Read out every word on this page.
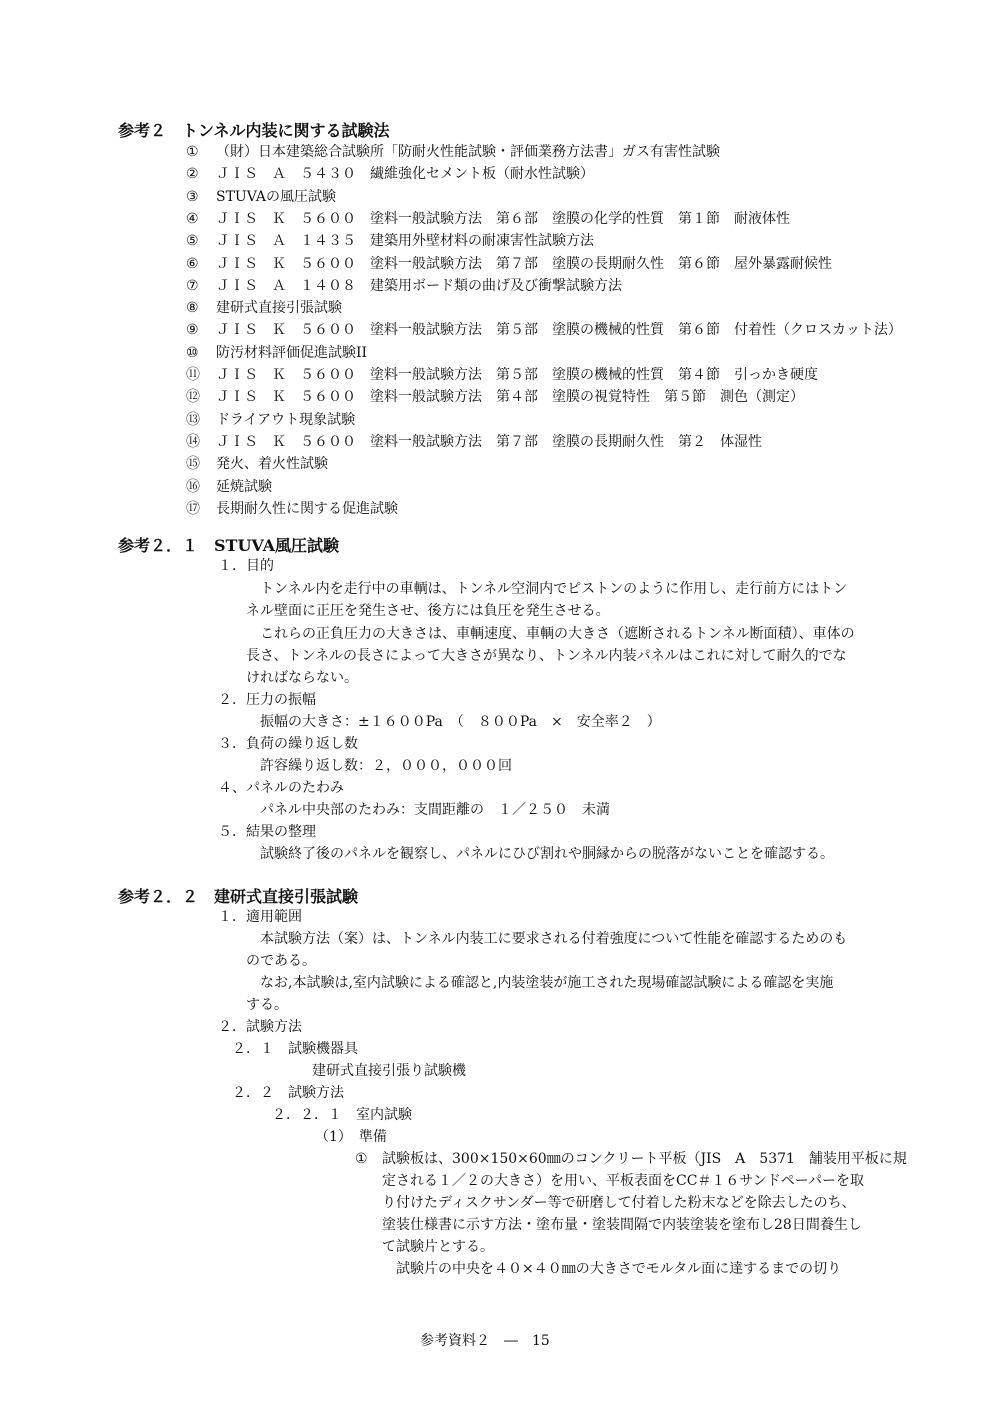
参考２　トンネル内装に関する試験法
① （財）日本建築総合試験所「防耐火性能試験・評価業務方法書」ガス有害性試験
② ＪＩＳ　Ａ　５４３０　繊維強化セメント板（耐水性試験）
③ STUVAの風圧試験
④ ＪＩＳ　Ｋ　５６００　塗料一般試験方法　第６部　塗膜の化学的性質　第１節　耐液体性
⑤ ＪＩＳ　Ａ　１４３５　建築用外壁材料の耐凍害性試験方法
⑥ ＪＩＳ　Ｋ　５６００　塗料一般試験方法　第７部　塗膜の長期耐久性　第６節　屋外暴露耐候性
⑦ ＪＩＳ　Ａ　１４０８　建築用ボード類の曲げ及び衝撃試験方法
⑧ 建研式直接引張試験
⑨ ＪＩＳ　Ｋ　５６００　塗料一般試験方法　第５部　塗膜の機械的性質　第６節　付着性（クロスカット法）
⑩ 防汚材料評価促進試験II
⑪ ＪＩＳ　Ｋ　５６００　塗料一般試験方法　第５部　塗膜の機械的性質　第４節　引っかき硬度
⑫ ＪＩＳ　Ｋ　５６００　塗料一般試験方法　第４部　塗膜の視覚特性　第５節　測色（測定）
⑬ ドライアウト現象試験
⑭ ＪＩＳ　Ｋ　５６００　塗料一般試験方法　第７部　塗膜の長期耐久性　第２　体湿性
⑮ 発火、着火性試験
⑯ 延焼試験
⑰ 長期耐久性に関する促進試験
参考２．１　STUVA風圧試験
１．目的
トンネル内を走行中の車輌は、トンネル空洞内でピストンのように作用し、走行前方にはトン
ネル壁面に正圧を発生させ、後方には負圧を発生させる。
これらの正負圧力の大きさは、車輌速度、車輌の大きさ（遮断されるトンネル断面積）、車体の
長さ、トンネルの長さによって大きさが異なり、トンネル内装パネルはこれに対して耐久的でな
ければならない。
２．圧力の振幅
振幅の大きさ：±１６００Pa　（　８００Pa　×　安全率２　）
３．負荷の繰り返し数
許容繰り返し数：２，０００，０００回
４、パネルのたわみ
パネル中央部のたわみ：支間距離の　１／２５０　未満
５．結果の整理
試験終了後のパネルを観察し、パネルにひび割れや胴縁からの脱落がないことを確認する。
参考２．２　建研式直接引張試験
１．適用範囲
本試験方法（案）は、トンネル内装工に要求される付着強度について性能を確認するためのも
のである。
なお,本試験は,室内試験による確認と,内装塗装が施工された現場確認試験による確認を実施
する。
２．試験方法
２．１　試験機器具
建研式直接引張り試験機
２．２　試験方法
２．２．１　室内試験
（1）　準備
① 試験板は、300×150×60㎜のコンクリート平板（JIS　A　5371　舗装用平板に規
定される１／２の大きさ）を用い、平板表面をCC＃１６サンドペーパーを取
り付けたディスクサンダー等で研磨して付着した粉末などを除去したのち、
塗装仕様書に示す方法・塗布量・塗装間隔で内装塗装を塗布し28日間養生し
て試験片とする。
試験片の中央を４０×４０㎜の大きさでモルタル面に達するまでの切り
参考資料２　―　15
